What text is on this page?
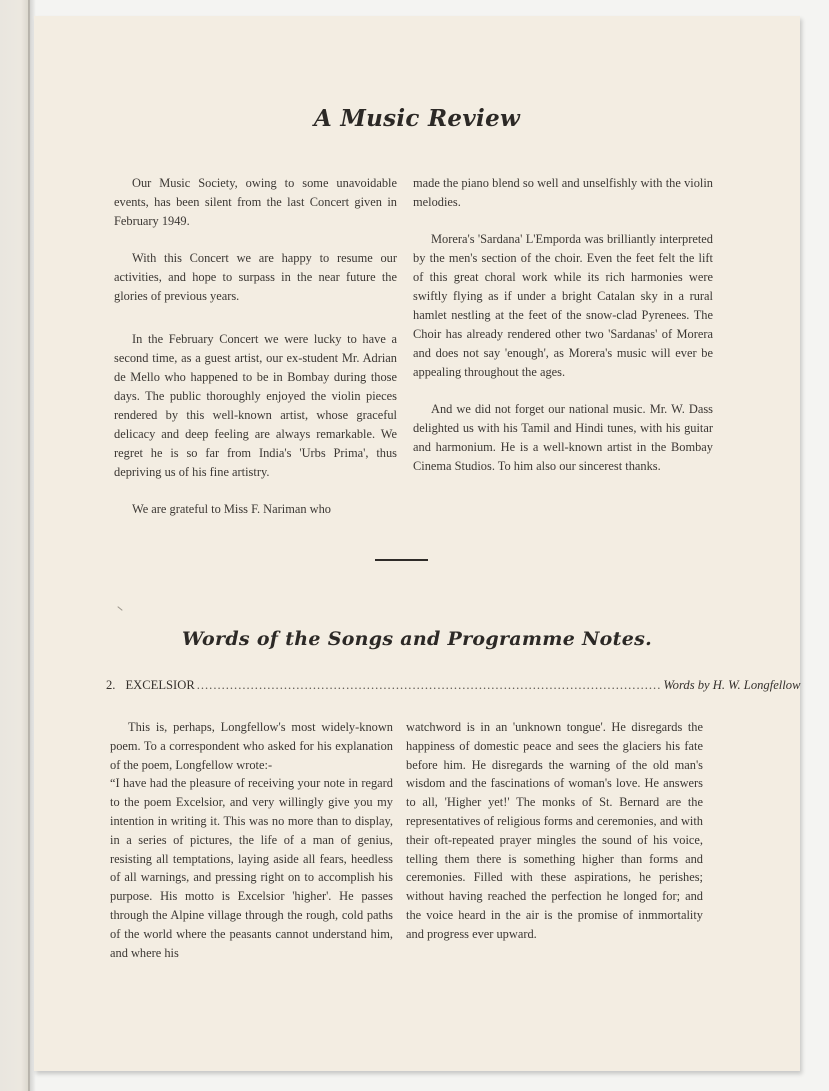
A Music Review

Our Music Society, owing to some unavoidable events, has been silent from the last Concert given in February 1949.

With this Concert we are happy to resume our activities, and hope to surpass in the near future the glories of previous years.

In the February Concert we were lucky to have a second time, as a guest artist, our ex-student Mr. Adrian de Mello who happened to be in Bombay during those days. The public thoroughly enjoyed the violin pieces rendered by this well-known artist, whose graceful delicacy and deep feeling are always remarkable. We regret he is so far from India's 'Urbs Prima', thus depriving us of his fine artistry.

We are grateful to Miss F. Nariman who

made the piano blend so well and unselfishly with the violin melodies.

Morera's 'Sardana' L'Emporda was brilliantly interpreted by the men's section of the choir. Even the feet felt the lift of this great choral work while its rich harmonies were swiftly flying as if under a bright Catalan sky in a rural hamlet nestling at the feet of the snow-clad Pyrenees. The Choir has already rendered other two 'Sardanas' of Morera and does not say 'enough', as Morera's music will ever be appealing throughout the ages.

And we did not forget our national music. Mr. W. Dass delighted us with his Tamil and Hindi tunes, with his guitar and harmonium. He is a well-known artist in the Bombay Cinema Studios. To him also our sincerest thanks.

Words of the Songs and Programme Notes.
2. EXCELSIOR ................................................................................................................ Words by H. W. Longfellow

This is, perhaps, Longfellow's most widely-known poem. To a correspondent who asked for his explanation of the poem, Longfellow wrote:-

“I have had the pleasure of receiving your note in regard to the poem Excelsior, and very willingly give you my intention in writing it. This was no more than to display, in a series of pictures, the life of a man of genius, resisting all temptations, laying aside all fears, heedless of all warnings, and pressing right on to accomplish his purpose. His motto is Excelsior 'higher'. He passes through the Alpine village through the rough, cold paths of the world where the peasants cannot understand him, and where his

watchword is in an 'unknown tongue'. He disregards the happiness of domestic peace and sees the glaciers his fate before him. He disregards the warning of the old man's wisdom and the fascinations of woman's love. He answers to all, 'Higher yet!' The monks of St. Bernard are the representatives of religious forms and ceremonies, and with their oft-repeated prayer mingles the sound of his voice, telling them there is something higher than forms and ceremonies. Filled with these aspirations, he perishes; without having reached the perfection he longed for; and the voice heard in the air is the promise of inmmortality and progress ever upward.
